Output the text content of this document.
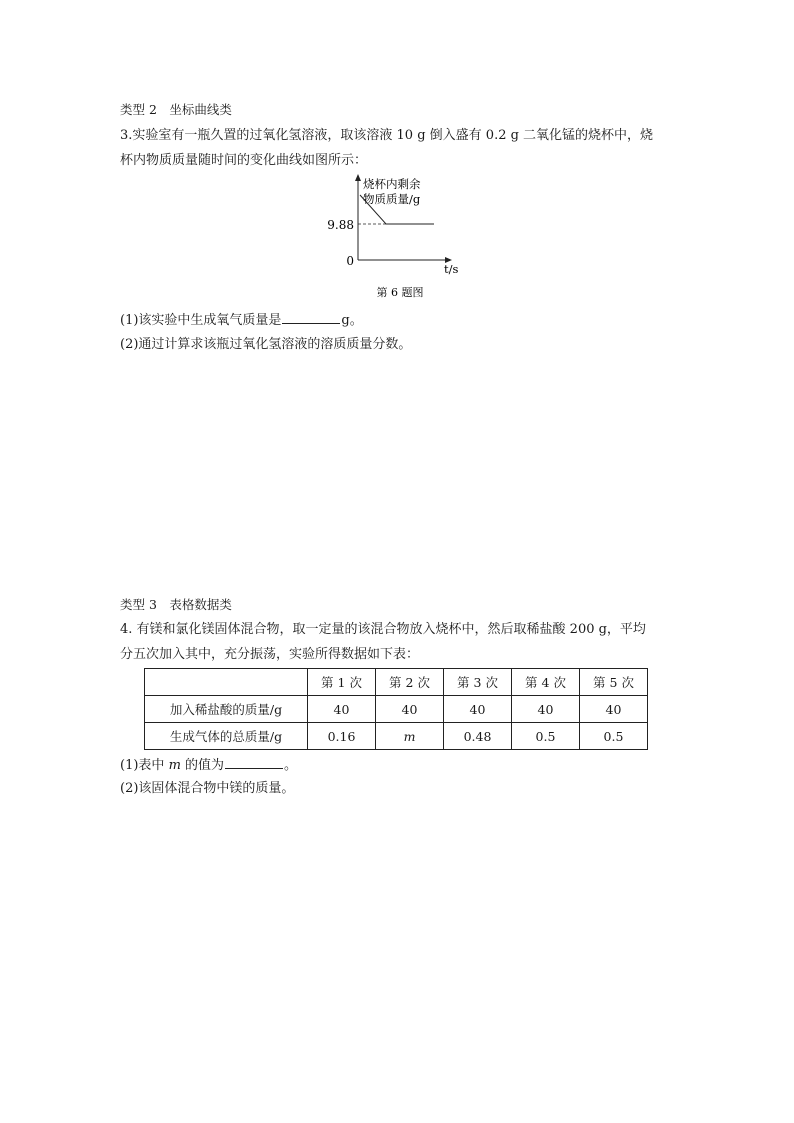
类型 2　坐标曲线类
3.实验室有一瓶久置的过氧化氢溶液，取该溶液 10 g 倒入盛有 0.2 g 二氧化锰的烧杯中，烧
杯内物质质量随时间的变化曲线如图所示：
烧杯内剩余
物质质量/g
9.88
0
t/s
第 6 题图
(1)该实验中生成氧气质量是	g。
(2)通过计算求该瓶过氧化氢溶液的溶质质量分数。
类型 3　表格数据类
4. 有镁和氯化镁固体混合物，取一定量的该混合物放入烧杯中，然后取稀盐酸 200 g，平均
分五次加入其中，充分振荡，实验所得数据如下表：
	第 1 次	第 2 次	第 3 次	第 4 次	第 5 次
加入稀盐酸的质量/g	40	40	40	40	40
生成气体的总质量/g	0.16	m	0.48	0.5	0.5
(1)表中 m 的值为	。
(2)该固体混合物中镁的质量。
